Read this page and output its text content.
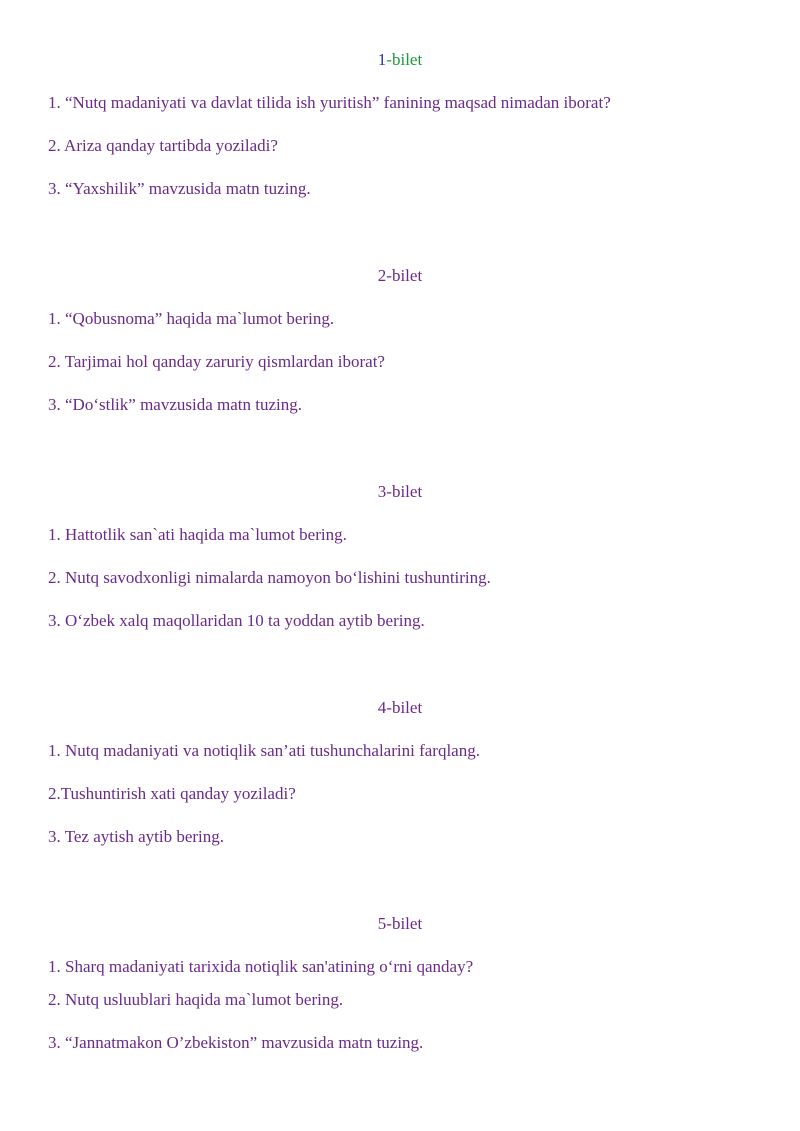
1-bilet
1. “Nutq madaniyati va davlat tilida ish yuritish” fanining maqsad nimadan iborat?
2. Ariza qanday tartibda yoziladi?
3. “Yaxshilik” mavzusida matn tuzing.
2-bilet
1. “Qobusnoma” haqida ma`lumot bering.
2. Tarjimai hol qanday zaruriy qismlardan iborat?
3. “Do‘stlik” mavzusida matn tuzing.
3-bilet
1. Hattotlik san`ati haqida ma`lumot bering.
2. Nutq savodxonligi nimalarda namoyon bo‘lishini tushuntiring.
3. O‘zbek xalq maqollaridan 10 ta yoddan aytib bering.
4-bilet
1. Nutq madaniyati va notiqlik san’ati tushunchalarini farqlang.
2.Tushuntirish xati qanday yoziladi?
3. Tez aytish aytib bering.
5-bilet
1. Sharq madaniyati tarixida notiqlik san'atining o‘rni qanday?
2. Nutq usluublari haqida ma`lumot bering.
3. “Jannatmakon O’zbekiston” mavzusida matn tuzing.
